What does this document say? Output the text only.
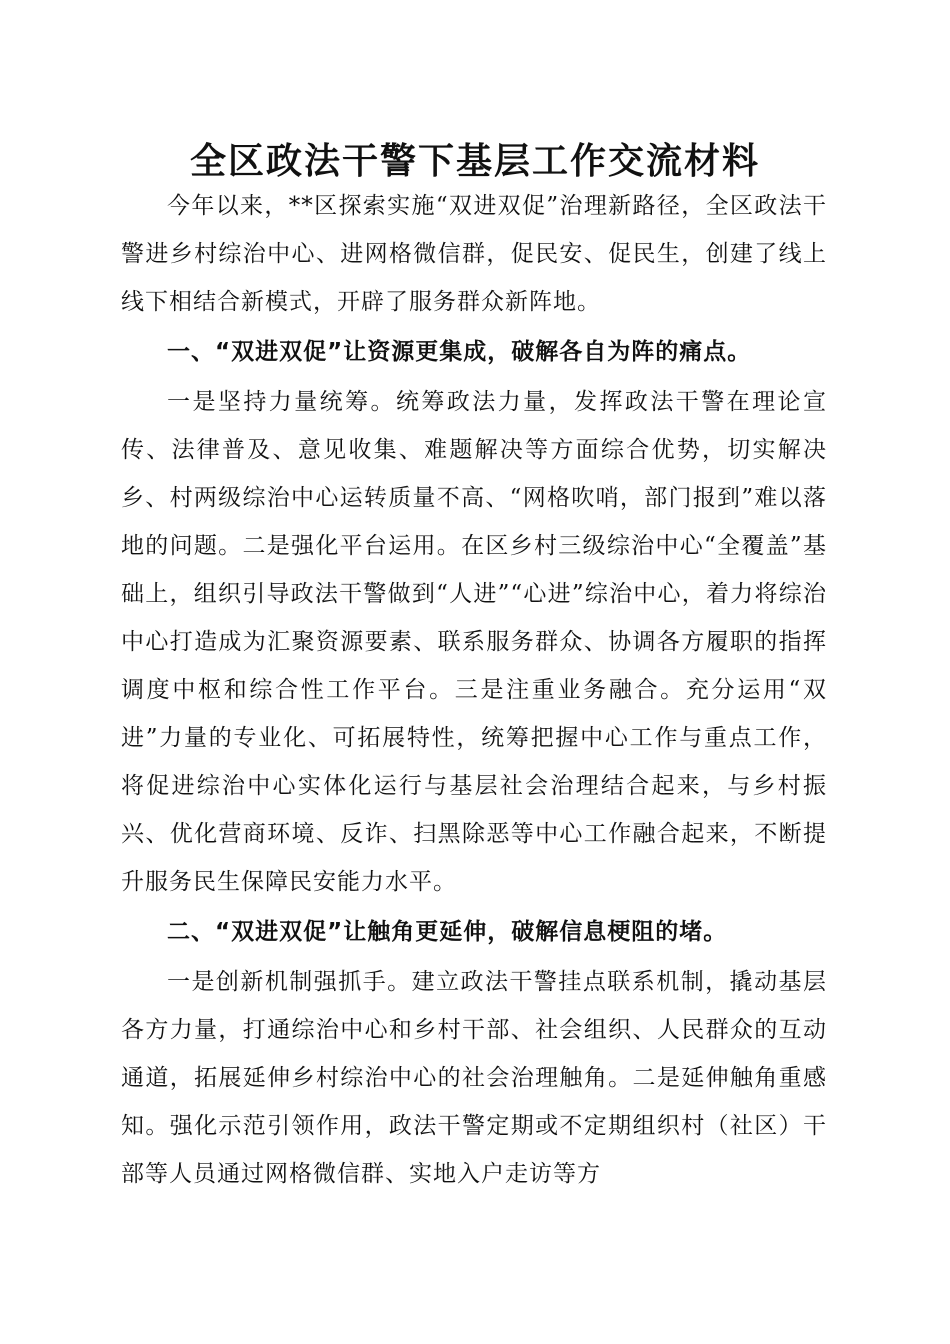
全区政法干警下基层工作交流材料

今年以来，**区探索实施“双进双促”治理新路径，全区政法干警进乡村综治中心、进网格微信群，促民安、促民生，创建了线上线下相结合新模式，开辟了服务群众新阵地。

一、“双进双促”让资源更集成，破解各自为阵的痛点。

一是坚持力量统筹。统筹政法力量，发挥政法干警在理论宣传、法律普及、意见收集、难题解决等方面综合优势，切实解决乡、村两级综治中心运转质量不高、“网格吹哨，部门报到”难以落地的问题。二是强化平台运用。在区乡村三级综治中心“全覆盖”基础上，组织引导政法干警做到“人进”“心进”综治中心，着力将综治中心打造成为汇聚资源要素、联系服务群众、协调各方履职的指挥调度中枢和综合性工作平台。三是注重业务融合。充分运用“双进”力量的专业化、可拓展特性，统筹把握中心工作与重点工作，将促进综治中心实体化运行与基层社会治理结合起来，与乡村振兴、优化营商环境、反诈、扫黑除恶等中心工作融合起来，不断提升服务民生保障民安能力水平。

二、“双进双促”让触角更延伸，破解信息梗阻的堵。

一是创新机制强抓手。建立政法干警挂点联系机制，撬动基层各方力量，打通综治中心和乡村干部、社会组织、人民群众的互动通道，拓展延伸乡村综治中心的社会治理触角。二是延伸触角重感知。强化示范引领作用，政法干警定期或不定期组织村（社区）干部等人员通过网格微信群、实地入户走访等方
